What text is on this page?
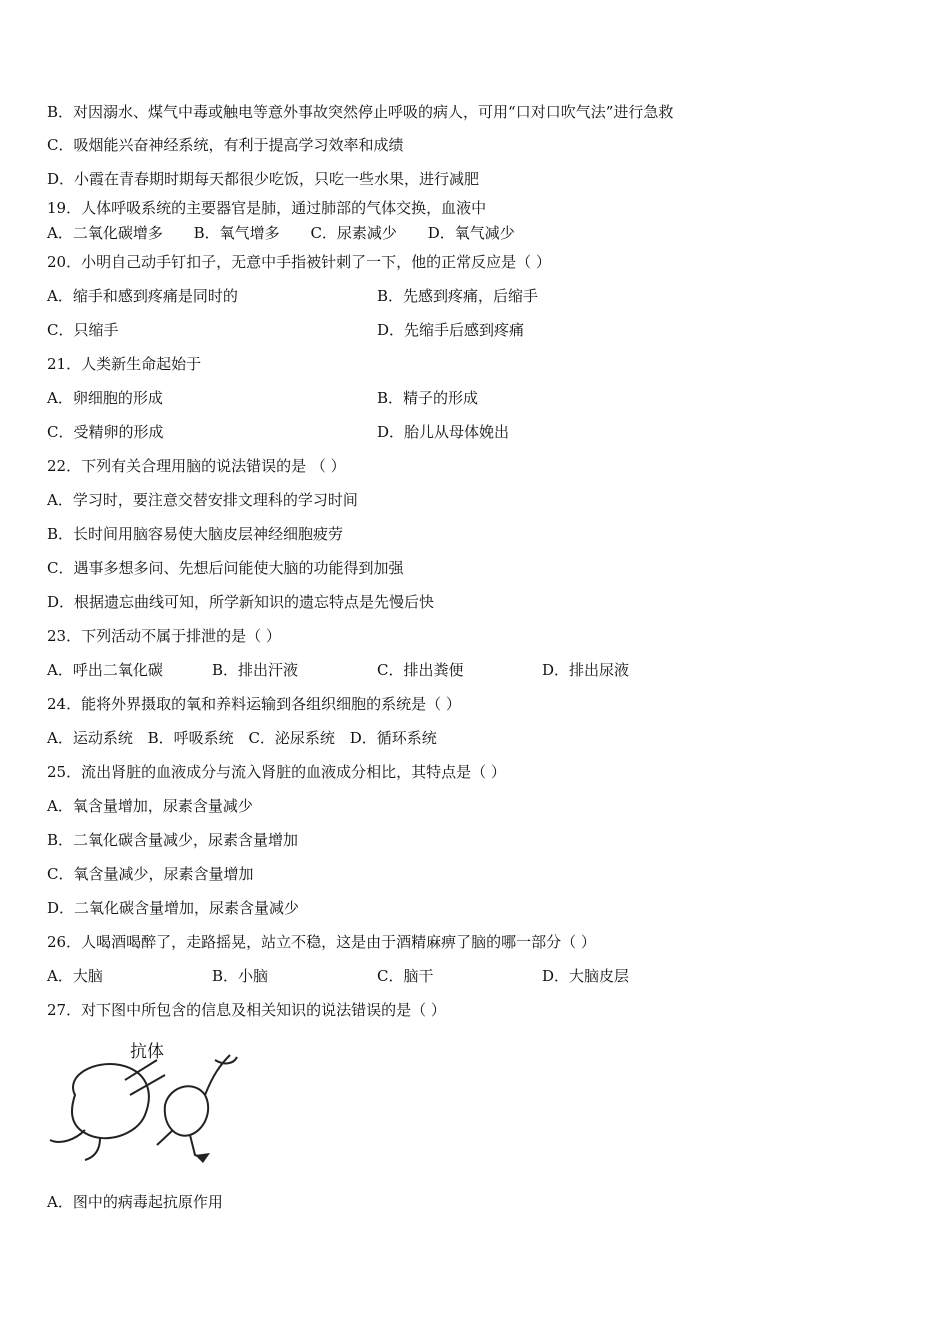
B．对因溺水、煤气中毒或触电等意外事故突然停止呼吸的病人，可用“口对口吹气法”进行急救
C．吸烟能兴奋神经系统，有利于提高学习效率和成绩
D．小霞在青春期时期每天都很少吃饭，只吃一些水果，进行减肥
19．人体呼吸系统的主要器官是肺，通过肺部的气体交换，血液中
A．二氧化碳增多 B．氧气增多 C．尿素减少 D．氧气减少
20．小明自己动手钉扣子，无意中手指被针刺了一下，他的正常反应是（ ）
A．缩手和感到疼痛是同时的	B．先感到疼痛，后缩手
C．只缩手	D．先缩手后感到疼痛
21．人类新生命起始于
A．卵细胞的形成	B．精子的形成
C．受精卵的形成	D．胎儿从母体娩出
22．下列有关合理用脑的说法错误的是 （ ）
A．学习时，要注意交替安排文理科的学习时间
B．长时间用脑容易使大脑皮层神经细胞疲劳
C．遇事多想多问、先想后问能使大脑的功能得到加强
D．根据遗忘曲线可知，所学新知识的遗忘特点是先慢后快
23．下列活动不属于排泄的是（ ）
A．呼出二氧化碳	B．排出汗液	C．排出粪便	D．排出尿液
24．能将外界摄取的氧和养料运输到各组织细胞的系统是（ ）
A．运动系统 B．呼吸系统 C．泌尿系统 D．循环系统
25．流出肾脏的血液成分与流入肾脏的血液成分相比，其特点是（ ）
A．氧含量增加，尿素含量减少
B．二氧化碳含量减少，尿素含量增加
C．氧含量减少，尿素含量增加
D．二氧化碳含量增加，尿素含量减少
26．人喝酒喝醉了，走路摇晃，站立不稳，这是由于酒精麻痹了脑的哪一部分（ ）
A．大脑	B．小脑	C．脑干	D．大脑皮层
27．对下图中所包含的信息及相关知识的说法错误的是（ ）
抗体
A．图中的病毒起抗原作用
